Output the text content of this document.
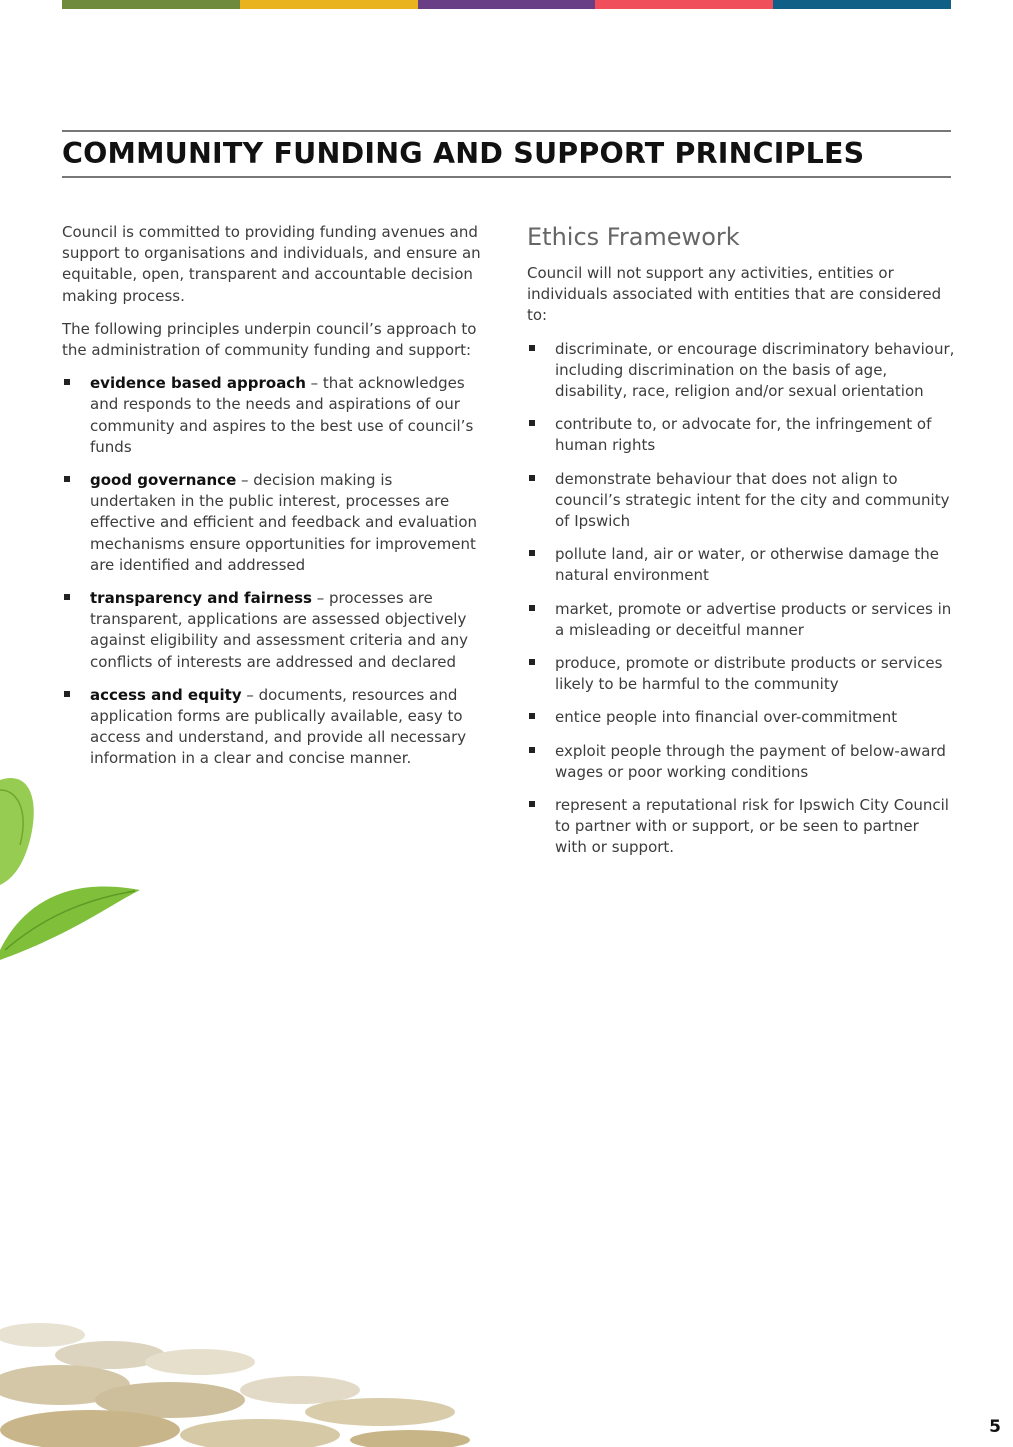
COMMUNITY FUNDING AND SUPPORT PRINCIPLES

Council is committed to providing funding avenues and support to organisations and individuals, and ensure an equitable, open, transparent and accountable decision making process.

The following principles underpin council’s approach to the administration of community funding and support:

evidence based approach – that acknowledges and responds to the needs and aspirations of our community and aspires to the best use of council’s funds
good governance – decision making is undertaken in the public interest, processes are effective and efficient and feedback and evaluation mechanisms ensure opportunities for improvement are identified and addressed
transparency and fairness – processes are transparent, applications are assessed objectively against eligibility and assessment criteria and any conflicts of interests are addressed and declared
access and equity – documents, resources and application forms are publically available, easy to access and understand, and provide all necessary information in a clear and concise manner.
Ethics Framework

Council will not support any activities, entities or individuals associated with entities that are considered to:

discriminate, or encourage discriminatory behaviour, including discrimination on the basis of age, disability, race, religion and/or sexual orientation
contribute to, or advocate for, the infringement of human rights
demonstrate behaviour that does not align to council’s strategic intent for the city and community of Ipswich
pollute land, air or water, or otherwise damage the natural environment
market, promote or advertise products or services in a misleading or deceitful manner
produce, promote or distribute products or services likely to be harmful to the community
entice people into financial over-commitment
exploit people through the payment of below-award wages or poor working conditions
represent a reputational risk for Ipswich City Council to partner with or support, or be seen to partner with or support.
5
